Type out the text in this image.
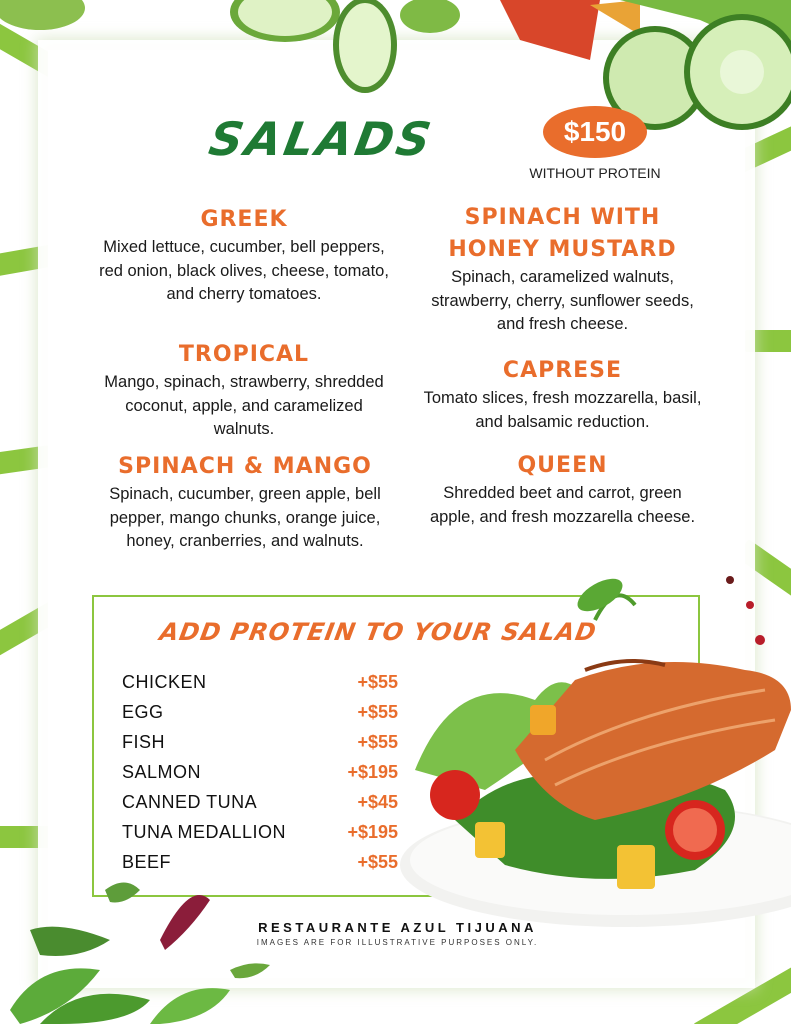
SALADS	$150
WITHOUT PROTEIN
GREEK

Mixed lettuce, cucumber, bell peppers, red onion, black olives, cheese, tomato, and cherry tomatoes.

TROPICAL

Mango, spinach, strawberry, shredded coconut, apple, and caramelized walnuts.

SPINACH & MANGO

Spinach, cucumber, green apple, bell pepper, mango chunks, orange juice, honey, cranberries, and walnuts.

SPINACH WITH HONEY MUSTARD

Spinach, caramelized walnuts, strawberry, cherry, sunflower seeds, and fresh cheese.

CAPRESE

Tomato slices, fresh mozzarella, basil, and balsamic reduction.

QUEEN

Shredded beet and carrot, green apple, and fresh mozzarella cheese.

ADD PROTEIN TO YOUR SALAD
CHICKEN	+$55
EGG	+$55
FISH	+$55
SALMON	+$195
CANNED TUNA	+$45
TUNA MEDALLION	+$195
BEEF	+$55
RESTAURANTE AZUL TIJUANA
IMAGES ARE FOR ILLUSTRATIVE PURPOSES ONLY.
